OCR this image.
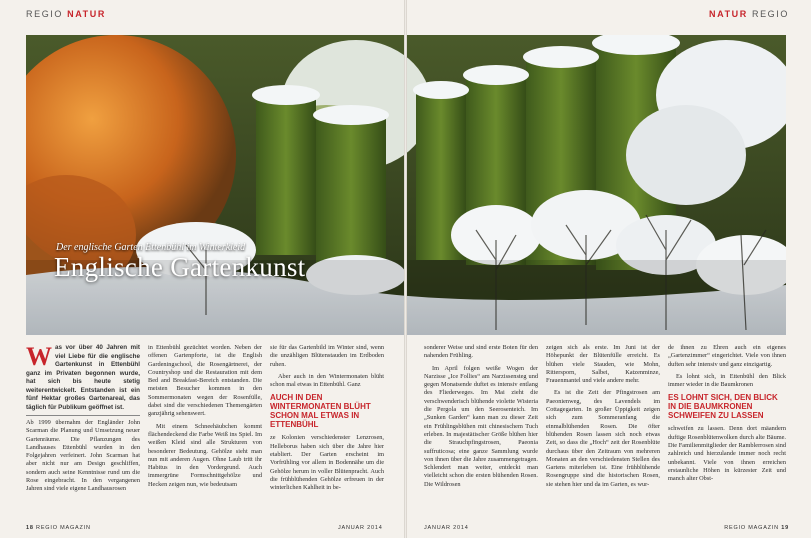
REGIO NATUR	NATUR REGIO
Der englische Garten Ettenbühl im Winterkleid
Englische Gartenkunst
Was vor über 40 Jahren mit viel Liebe für die englische Gartenkunst in Ettenbühl ganz im Privaten begonnen wurde, hat sich bis heute stetig weiterentwickelt. Entstanden ist ein fünf Hektar großes Gartenareal, das täglich für Publikum geöffnet ist.

Ab 1999 übernahm der Engländer John Scarman die Planung und Umsetzung neuer Gartenräume. Die Pflanzungen des Landhauses Ettenbühl wurden in den Folgejahren verfeinert. John Scarman hat aber nicht nur am Design geschliffen, sondern auch seine Kenntnisse rund um die Rose eingebracht. In den vergangenen Jahren sind viele eigene Landhausrosen

in Ettenbühl gezüchtet worden. Neben der offenen Gartenpforte, ist die English Gardeningschool, die Rosengärtnerei, der Countryshop und die Restauration mit dem Bed and Breakfast-Bereich entstanden. Die meisten Besucher kommen in den Sommermonaten wegen der Rosenfülle, dabei sind die verschiedenen Themengärten ganzjährig sehenswert.

Mit einem Schneehäubchen kommt flächendeckend die Farbe Weiß ins Spiel. Im weißen Kleid sind alle Strukturen von besonderer Bedeutung. Gehölze sieht man nun mit anderen Augen. Ohne Laub tritt ihr Habitus in den Vordergrund. Auch immergrüne Formschnittgehölze und Hecken zeigen nun, wie bedeutsam

sie für das Gartenbild im Winter sind, wenn die unzähligen Blütenstauden im Erdboden ruhen.

Aber auch in den Wintermonaten blüht schon mal etwas in Ettenbühl. Ganz

AUCH IN DEN WINTERMONATEN BLÜHT SCHON MAL ETWAS IN ETTENBÜHL

ze Kolonien verschiedenster Lenzrosen, Helleborus haben sich über die Jahre hier etabliert. Der Garten erscheint im Vorfrühling vor allem in Bodennähe um die Gehölze herum in voller Blütenpracht. Auch die frühblühenden Gehölze erfreuen in der winterlichen Kahlheit in be-

sonderer Weise und sind erste Boten für den nahenden Frühling.

Im April folgen weiße Wogen der Narzisse „Ice Follies“ am Narzissensteg und gegen Monatsende duftet es intensiv entlang des Fliederweges. Im Mai zieht die verschwenderisch blühende violette Wisteria die Pergola um den Seerosenteich. Im „Sunken Garden“ kann man zu dieser Zeit ein Frühlingsblühen mit chinesischem Tuch erleben. In majestätischer Größe blühen hier die Strauchpfingstrosen, Paeonia suffruticosa; eine ganze Sammlung wurde von ihnen über die Jahre zusammengetragen. Schlendert man weiter, entdeckt man vielleicht schon die ersten blühenden Rosen. Die Wildrosen

zeigen sich als erste. Im Juni ist der Höhepunkt der Blütenfülle erreicht. Es blühen viele Stauden, wie Mohn, Rittersporn, Salbei, Katzenminze, Frauenmantel und viele andere mehr.

Es ist die Zeit der Pfingstrosen am Paeonienweg, des Lavendels im Cottagegarten. In großer Üppigkeit zeigen sich zum Sommeranfang die einmalblühenden Rosen. Die öfter blühenden Rosen lassen sich noch etwas Zeit, so dass die „Hoch“ zeit der Rosenblüte durchaus über den Zeitraum von mehreren Monaten an den verschiedensten Stellen des Gartens miterleben ist. Eine frühblühende Rosengruppe sind die historischen Rosen, sie stehen hier und da im Garten, es wur-

de ihnen zu Ehren auch ein eigenes „Gartenzimmer“ eingerichtet. Viele von ihnen duften sehr intensiv und ganz einzigartig.

Es lohnt sich, in Ettenbühl den Blick immer wieder in die Baumkronen

ES LOHNT SICH, DEN BLICK IN DIE BAUMKRONEN SCHWEIFEN ZU LASSEN

schweifen zu lassen. Denn dort mäandern duftige Rosenblütenwolken durch alte Bäume. Die Familienmitglieder der Ramblerrosen sind zahlreich und hierzulande immer noch recht unbekannt. Viele von ihnen erreichen erstaunliche Höhen in kürzester Zeit und manch alter Obst-

18 REGIO MAGAZIN	JANUAR 2014	JANUAR 2014	REGIO MAGAZIN 19
